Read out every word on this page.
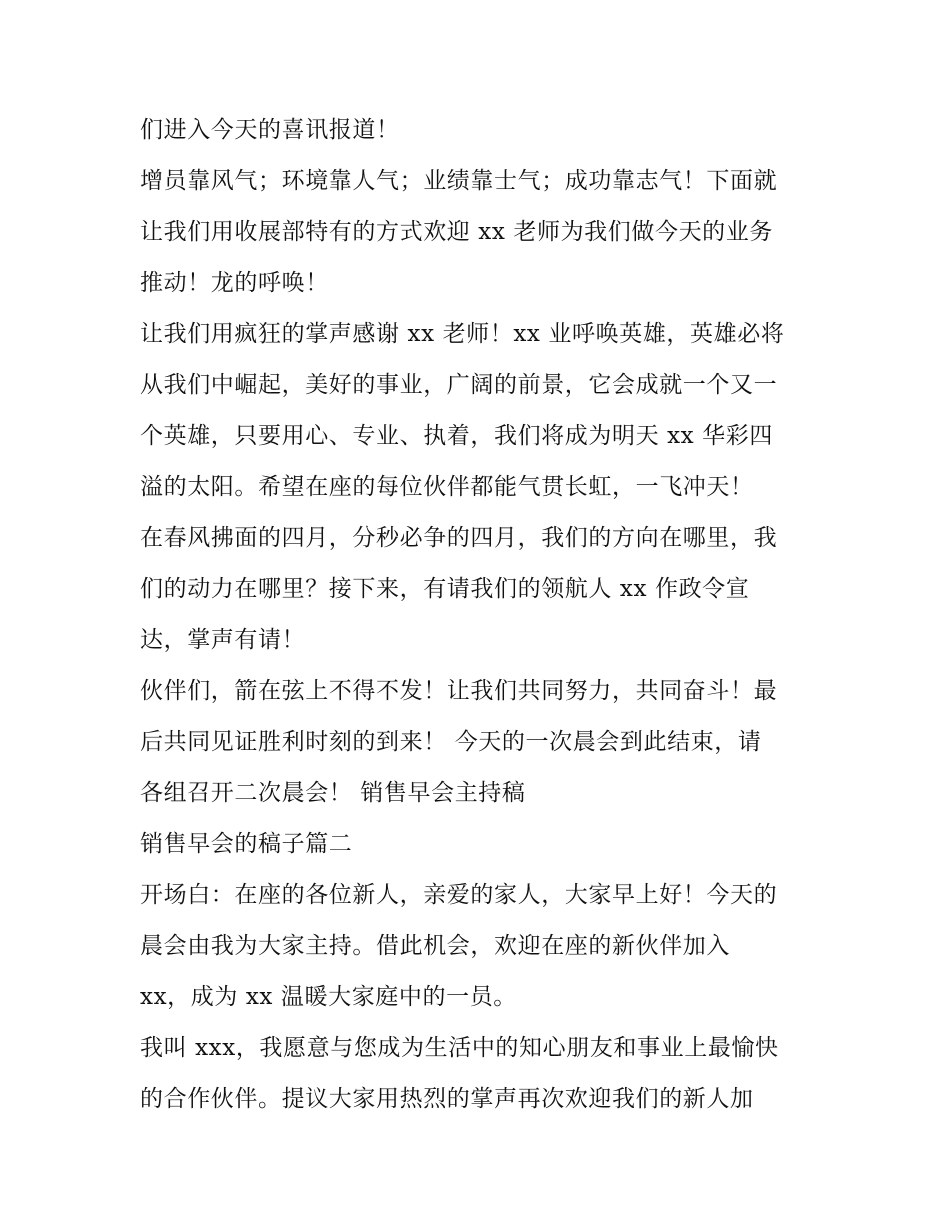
们进入今天的喜讯报道！
增员靠风气；环境靠人气；业绩靠士气；成功靠志气！下面就
让我们用收展部特有的方式欢迎 xx 老师为我们做今天的业务
推动！龙的呼唤！
让我们用疯狂的掌声感谢 xx 老师！xx 业呼唤英雄，英雄必将
从我们中崛起，美好的事业，广阔的前景，它会成就一个又一
个英雄，只要用心、专业、执着，我们将成为明天 xx 华彩四
溢的太阳。希望在座的每位伙伴都能气贯长虹，一飞冲天！
在春风拂面的四月，分秒必争的四月，我们的方向在哪里，我
们的动力在哪里？接下来，有请我们的领航人 xx 作政令宣
达，掌声有请！
伙伴们，箭在弦上不得不发！让我们共同努力，共同奋斗！最
后共同见证胜利时刻的到来！ 今天的一次晨会到此结束，请
各组召开二次晨会！ 销售早会主持稿
销售早会的稿子篇二
开场白：在座的各位新人，亲爱的家人，大家早上好！今天的
晨会由我为大家主持。借此机会，欢迎在座的新伙伴加入
xx，成为 xx 温暖大家庭中的一员。
我叫 xxx，我愿意与您成为生活中的知心朋友和事业上最愉快
的合作伙伴。提议大家用热烈的掌声再次欢迎我们的新人加
